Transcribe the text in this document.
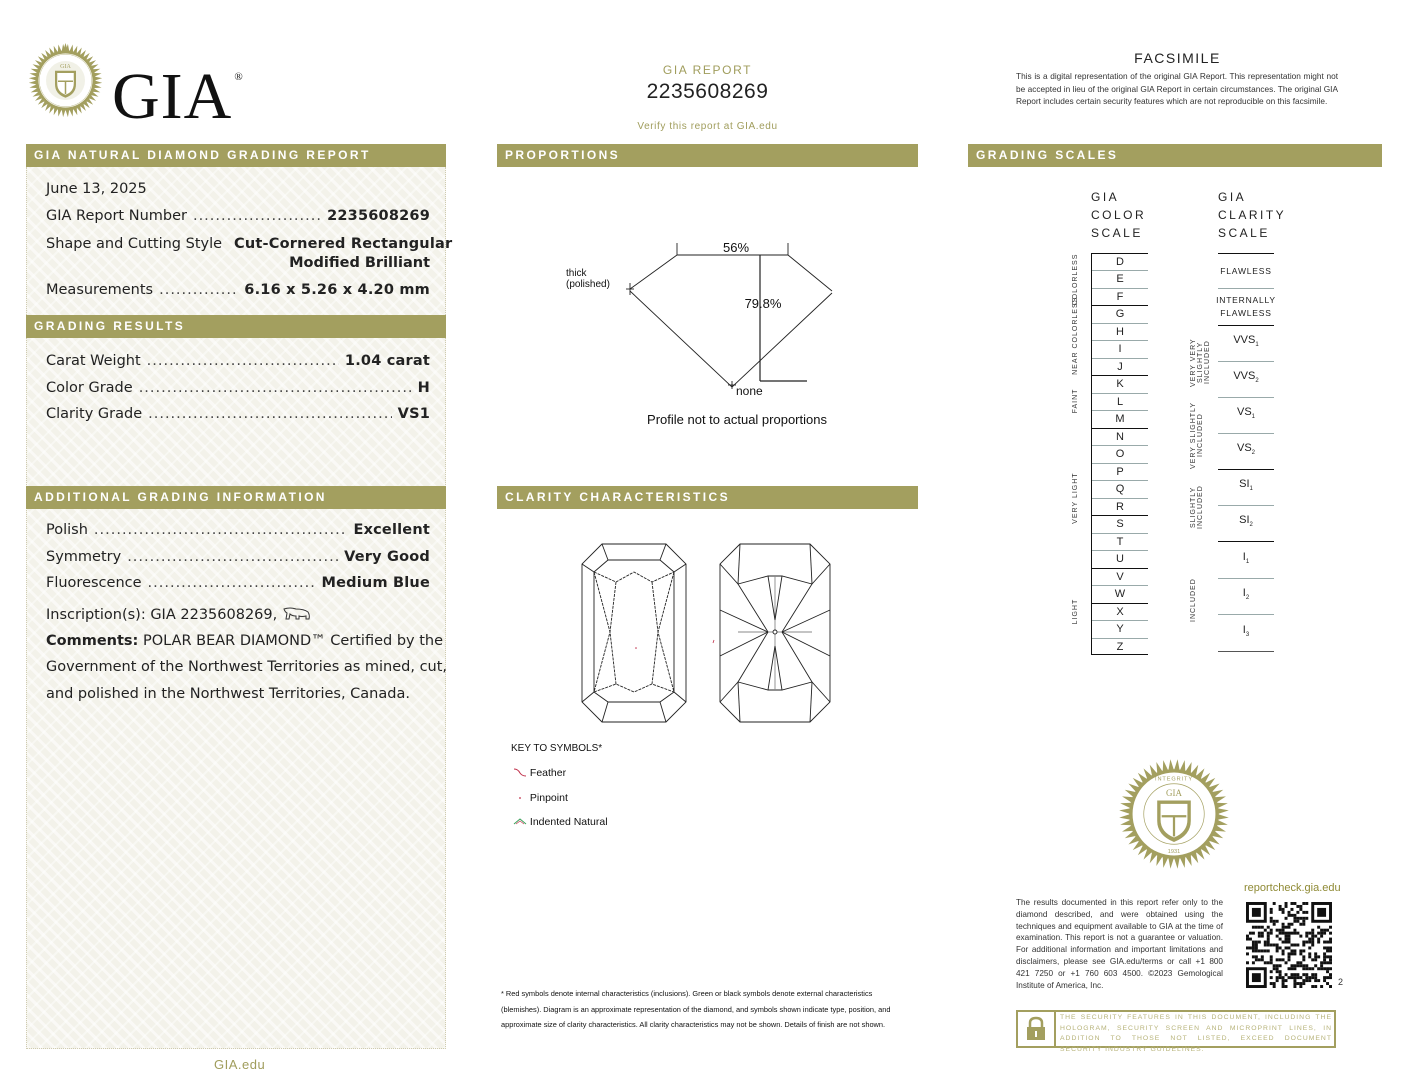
GIA GIA ®	GIA REPORT
2235608269
Verify this report at GIA.edu
FACSIMILE
This is a digital representation of the original GIA Report. This representation might not be accepted in lieu of the original GIA Report in certain circumstances. The original GIA Report includes certain security features which are not reproducible on this facsimile.
GIA NATURAL DIAMOND GRADING REPORT
June 13, 2025
GIA Report Number .....	2235608269
Shape and Cutting Style Cut-Cornered Rectangular
Modified Brilliant
Measurements .....	6.16 x 5.26 x 4.20 mm
GRADING RESULTS
Carat Weight .....	1.04 carat
Color Grade .....	H
Clarity Grade .....	VS1
ADDITIONAL GRADING INFORMATION
Polish .....	Excellent
Symmetry .....	Very Good
Fluorescence .....	Medium Blue
Inscription(s): GIA 2235608269,
Comments: POLAR BEAR DIAMOND™ Certified by the
Government of the Northwest Territories as mined, cut,
and polished in the Northwest Territories, Canada.
GIA.edu
PROPORTIONS
56%
79.8%
thick
(polished)
none
Profile not to actual proportions
CLARITY CHARACTERISTICS
KEY TO SYMBOLS*
Feather
Pinpoint
Indented Natural
* Red symbols denote internal characteristics (inclusions). Green or black symbols denote external characteristics
(blemishes). Diagram is an approximate representation of the diamond, and symbols shown indicate type, position, and
approximate size of clarity characteristics. All clarity characteristics may not be shown. Details of finish are not shown.
GRADING SCALES
GIA
COLOR
SCALE
GIA
CLARITY
SCALE
D
E
F
G
H
I
J
K
L
M
N
O
P
Q
R
S
T
U
V
W
X
Y
Z
COLORLESS
NEAR COLORLESS
FAINT
VERY LIGHT
LIGHT
FLAWLESS
INTERNALLY
FLAWLESS
$VVS_1$
$VVS_2$
$VS_1$
$VS_2$
$SI_1$
$SI_2$
$I_1$
$I_2$
$I_3$
VERY VERY SLIGHTLY INCLUDED
VERY SLIGHTLY INCLUDED
SLIGHTLY INCLUDED
INCLUDED
GIA
INTEGRITY
1931
The results documented in this report refer only to the diamond described, and were obtained using the techniques and equipment available to GIA at the time of examination. This report is not a guarantee or valuation. For additional information and important limitations and disclaimers, please see GIA.edu/terms or call +1 800 421 7250 or +1 760 603 4500. ©2023 Gemological Institute of America, Inc.
reportcheck.gia.edu
2
THE SECURITY FEATURES IN THIS DOCUMENT, INCLUDING THE HOLOGRAM, SECURITY SCREEN AND MICROPRINT LINES, IN ADDITION TO THOSE NOT LISTED, EXCEED DOCUMENT SECURITY INDUSTRY GUIDELINES.
